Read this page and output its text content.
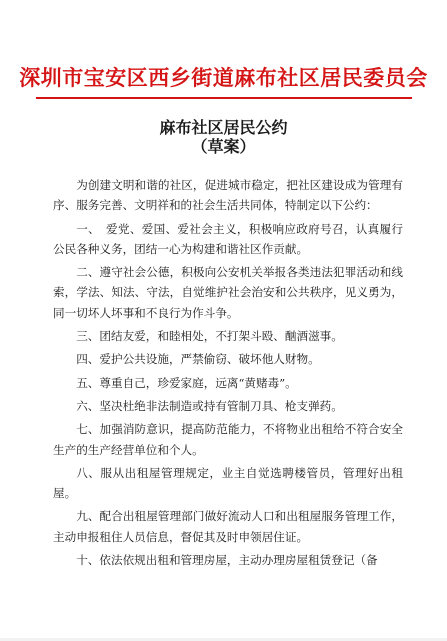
深圳市宝安区西乡街道麻布社区居民委员会
麻布社区居民公约
（草案）

为创建文明和谐的社区，促进城市稳定，把社区建设成为管理有序、服务完善、文明祥和的社会生活共同体，特制定以下公约：

一、　爱党、爱国、爱社会主义，积极响应政府号召，认真履行公民各种义务，团结一心为构建和谐社区作贡献。

二、遵守社会公德，积极向公安机关举报各类违法犯罪活动和线索，学法、知法、守法，自觉维护社会治安和公共秩序，见义勇为，同一切坏人坏事和不良行为作斗争。

三、团结友爱，和睦相处，不打架斗殴、酗酒滋事。

四、爱护公共设施，严禁偷窃、破坏他人财物。

五、尊重自己，珍爱家庭，远离“黄赌毒”。

六、坚决杜绝非法制造或持有管制刀具、枪支弹药。

七、加强消防意识，提高防范能力，不将物业出租给不符合安全生产的生产经营单位和个人。

八、服从出租屋管理规定，业主自觉选聘楼管员，管理好出租屋。

九、配合出租屋管理部门做好流动人口和出租屋服务管理工作，主动申报租住人员信息，督促其及时申领居住证。

十、依法依规出租和管理房屋，主动办理房屋租赁登记（备
